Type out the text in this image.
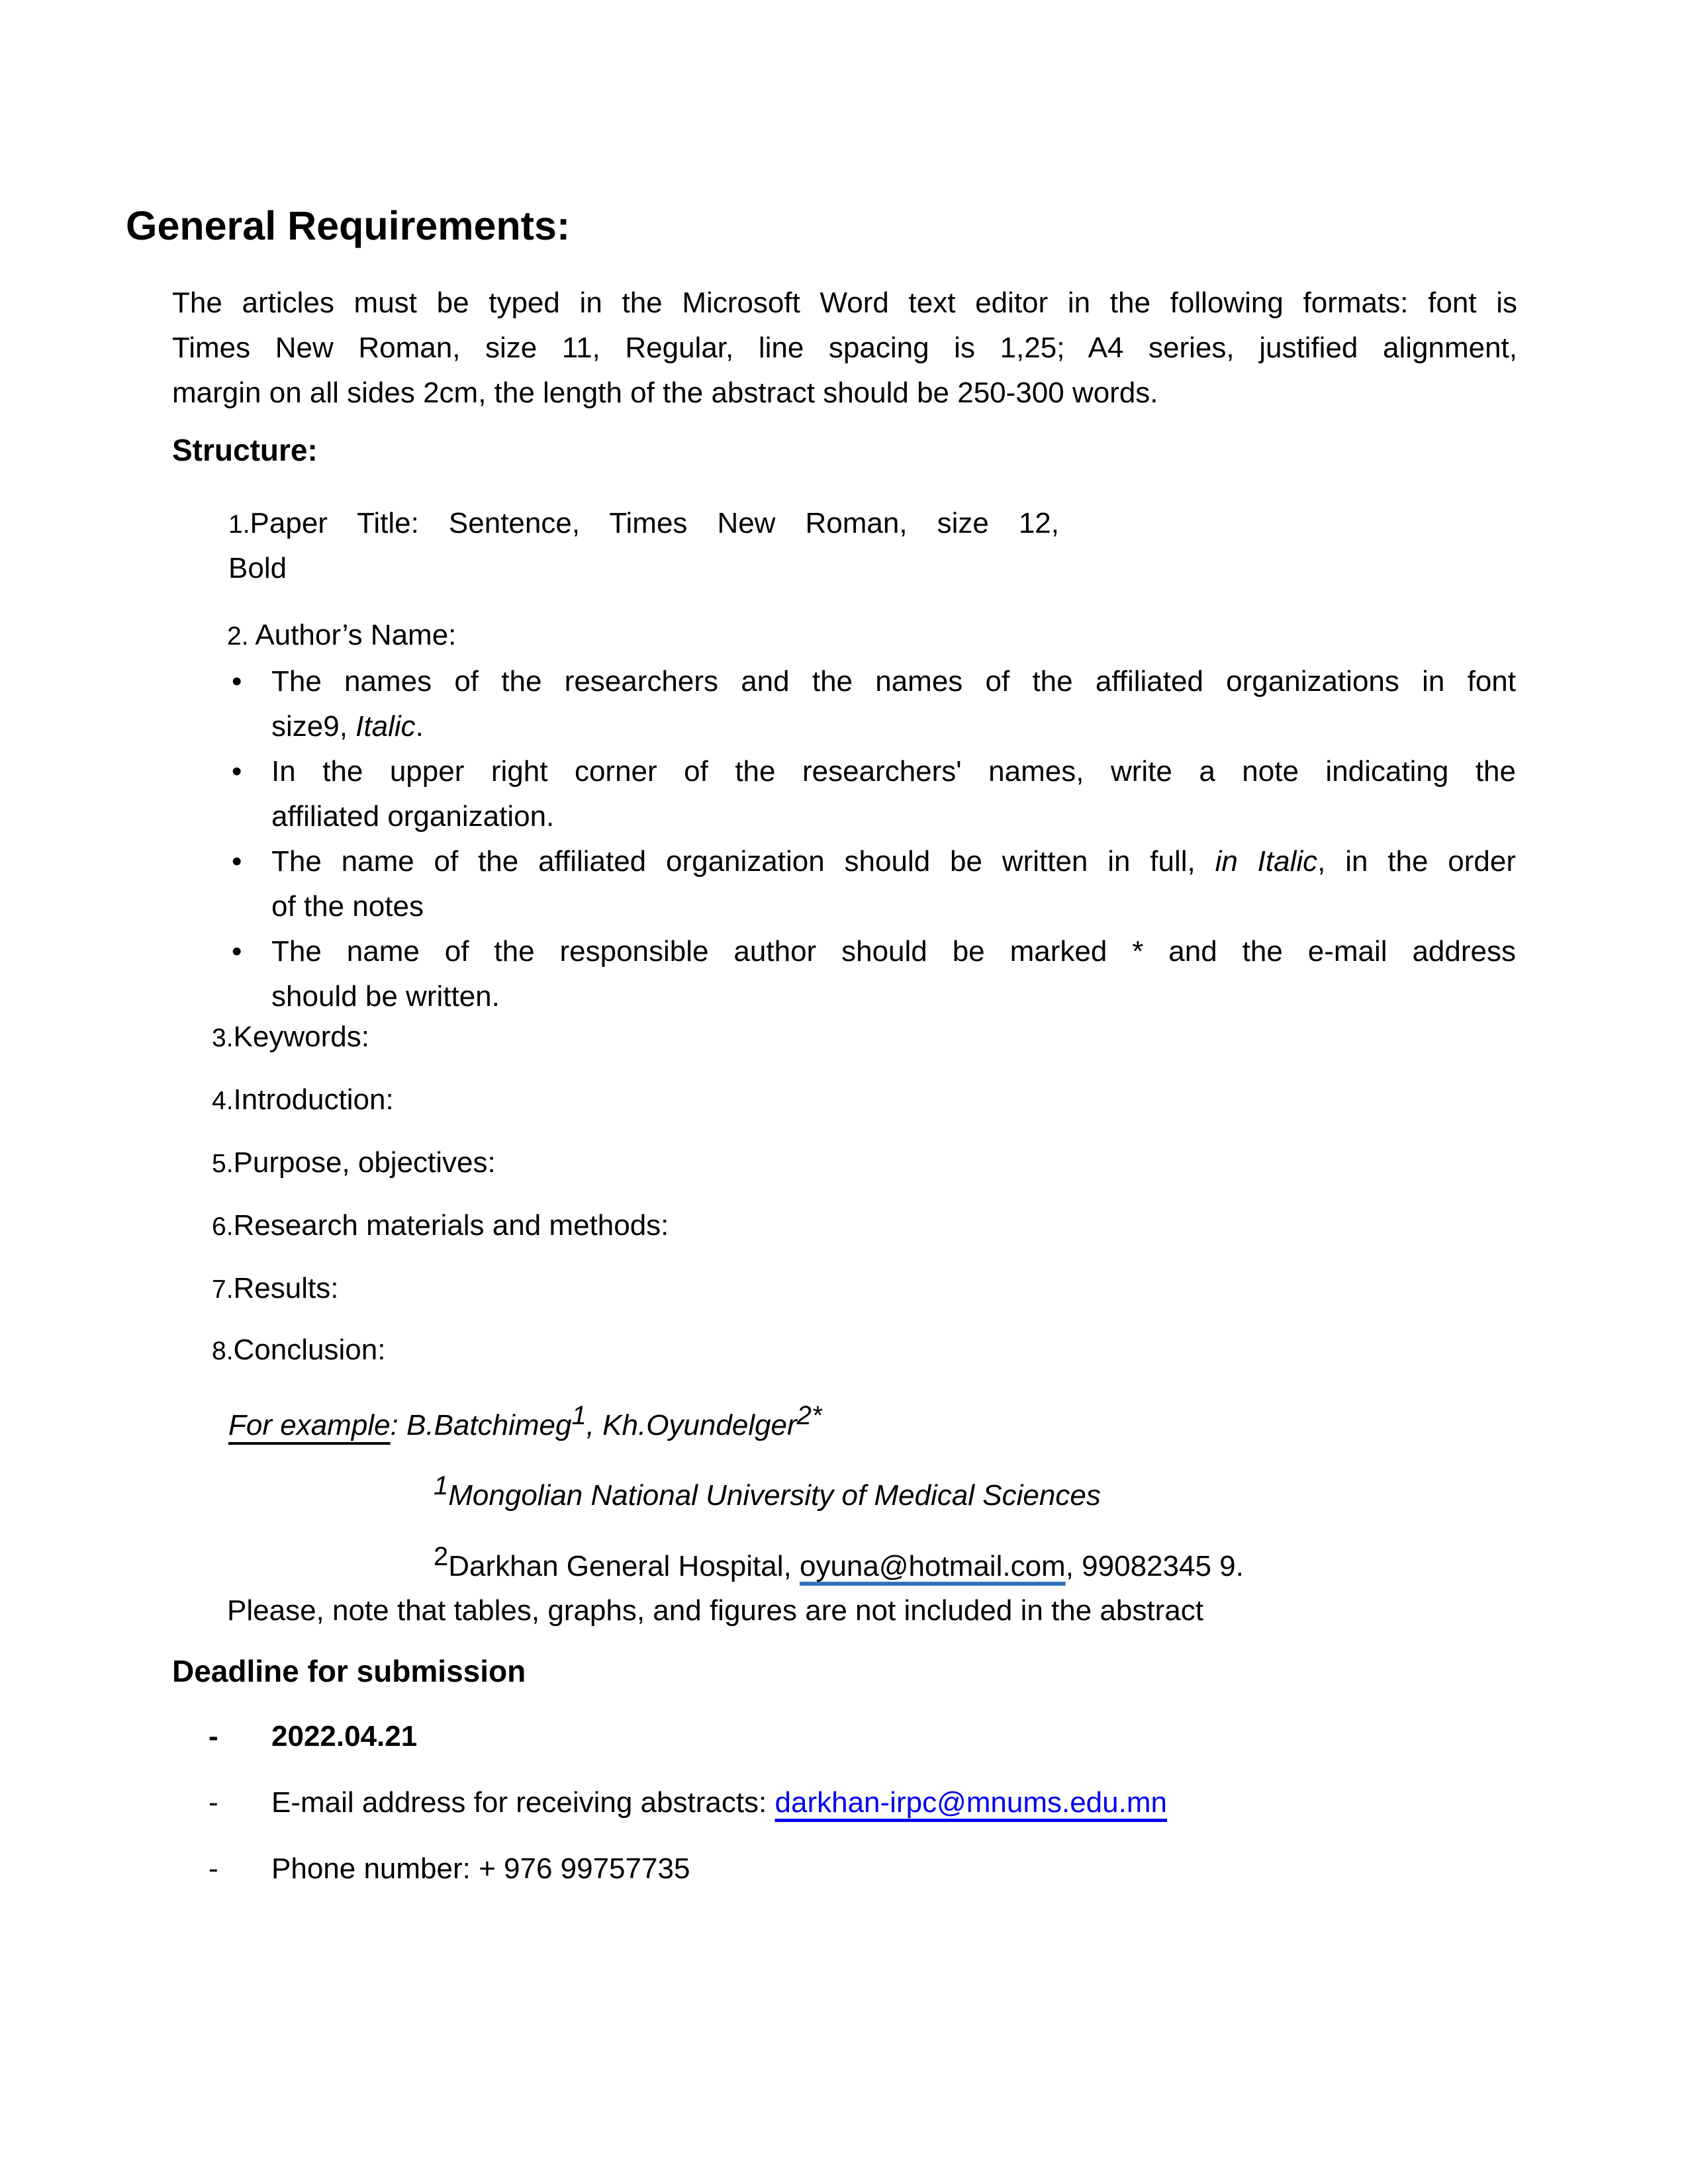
General Requirements:
The articles must be typed in the Microsoft Word text editor in the following formats: font is
Times New Roman, size 11, Regular, line spacing is 1,25; A4 series, justified alignment,
margin on all sides 2cm, the length of the abstract should be 250-300 words.
Structure:
1.Paper Title: Sentence, Times New Roman, size 12,
Bold
2. Author’s Name:
• The names of the researchers and the names of the affiliated organizations in font
size9, Italic.
• In the upper right corner of the researchers' names, write a note indicating the
affiliated organization.
• The name of the affiliated organization should be written in full, in Italic, in the order
of the notes
• The name of the responsible author should be marked * and the e-mail address
should be written.
3.Keywords:
4.Introduction:
5.Purpose, objectives:
6.Research materials and methods:
7.Results:
8.Conclusion:
For example: B.Batchimeg1, Kh.Oyundelger2*
1Mongolian National University of Medical Sciences
2Darkhan General Hospital, oyuna@hotmail.com, 99082345 9.
Please, note that tables, graphs, and figures are not included in the abstract
Deadline for submission
- 2022.04.21
- E-mail address for receiving abstracts: darkhan-irpc@mnums.edu.mn
- Phone number: + 976 99757735
